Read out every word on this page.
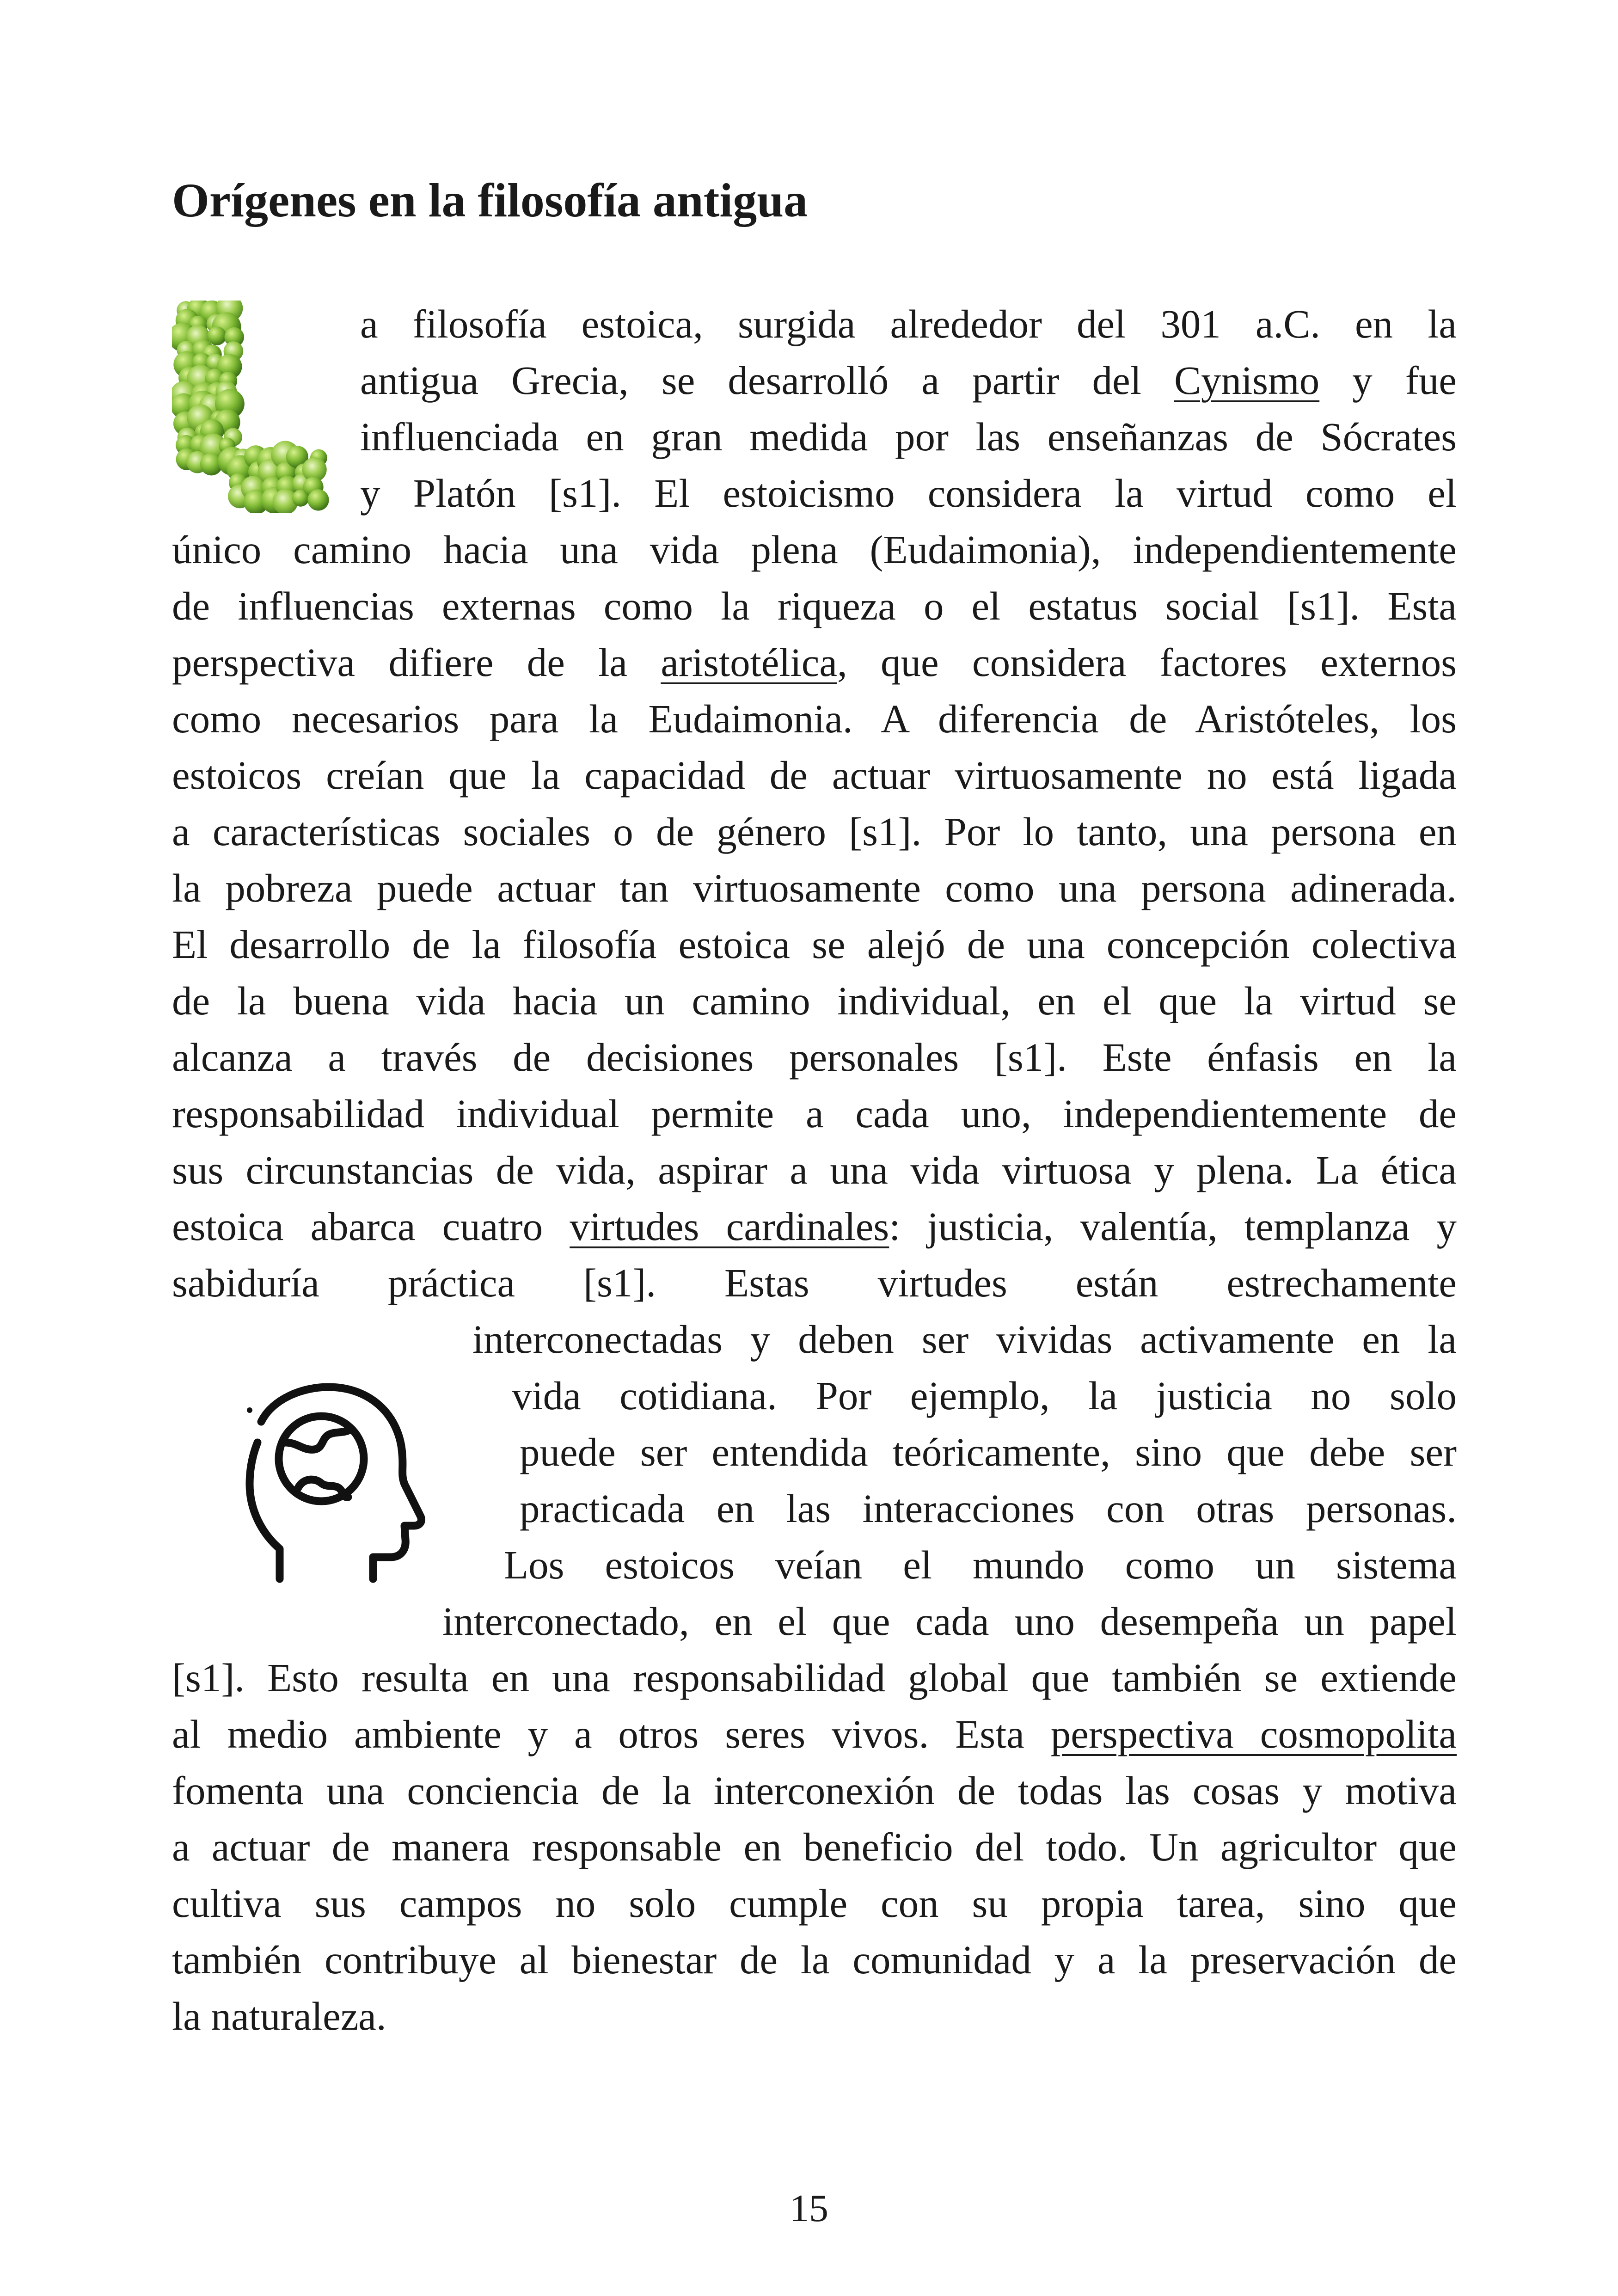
Orígenes en la filosofía antigua
a filosofía estoica, surgida alrededor del 301 a.C. en la
antigua Grecia, se desarrolló a partir del Cynismo y fue
influenciada en gran medida por las enseñanzas de Sócrates
y Platón [s1]. El estoicismo considera la virtud como el
único camino hacia una vida plena (Eudaimonia), independientemente
de influencias externas como la riqueza o el estatus social [s1]. Esta
perspectiva difiere de la aristotélica, que considera factores externos
como necesarios para la Eudaimonia. A diferencia de Aristóteles, los
estoicos creían que la capacidad de actuar virtuosamente no está ligada
a características sociales o de género [s1]. Por lo tanto, una persona en
la pobreza puede actuar tan virtuosamente como una persona adinerada.
El desarrollo de la filosofía estoica se alejó de una concepción colectiva
de la buena vida hacia un camino individual, en el que la virtud se
alcanza a través de decisiones personales [s1]. Este énfasis en la
responsabilidad individual permite a cada uno, independientemente de
sus circunstancias de vida, aspirar a una vida virtuosa y plena. La ética
estoica abarca cuatro virtudes cardinales: justicia, valentía, templanza y
sabiduría práctica [s1]. Estas virtudes están estrechamente
interconectadas y deben ser vividas activamente en la
vida cotidiana. Por ejemplo, la justicia no solo
puede ser entendida teóricamente, sino que debe ser
practicada en las interacciones con otras personas.
Los estoicos veían el mundo como un sistema
interconectado, en el que cada uno desempeña un papel
[s1]. Esto resulta en una responsabilidad global que también se extiende
al medio ambiente y a otros seres vivos. Esta perspectiva cosmopolita
fomenta una conciencia de la interconexión de todas las cosas y motiva
a actuar de manera responsable en beneficio del todo. Un agricultor que
cultiva sus campos no solo cumple con su propia tarea, sino que
también contribuye al bienestar de la comunidad y a la preservación de
la naturaleza.
15
